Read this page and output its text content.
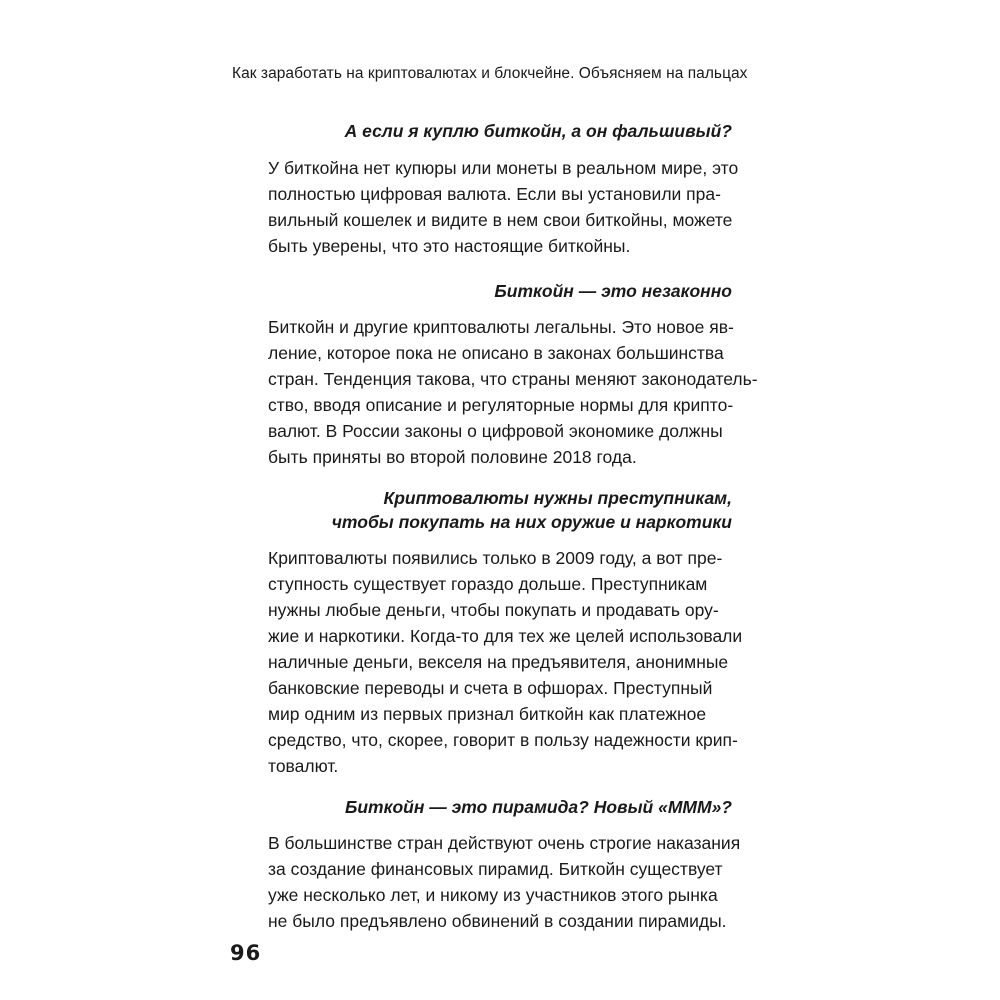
Как заработать на криптовалютах и блокчейне. Объясняем на пальцах

А если я куплю биткойн, а он фальшивый?

У биткойна нет купюры или монеты в реальном мире, это
полностью цифровая валюта. Если вы установили пра-
вильный кошелек и видите в нем свои биткойны, можете
быть уверены, что это настоящие биткойны.

Биткойн — это незаконно

Биткойн и другие криптовалюты легальны. Это новое яв-
ление, которое пока не описано в законах большинства
стран. Тенденция такова, что страны меняют законодатель-
ство, вводя описание и регуляторные нормы для крипто-
валют. В России законы о цифровой экономике должны
быть приняты во второй половине 2018 года.

Криптовалюты нужны преступникам,
чтобы покупать на них оружие и наркотики

Криптовалюты появились только в 2009 году, а вот пре-
ступность существует гораздо дольше. Преступникам
нужны любые деньги, чтобы покупать и продавать ору-
жие и наркотики. Когда-то для тех же целей использовали
наличные деньги, векселя на предъявителя, анонимные
банковские переводы и счета в офшорах. Преступный
мир одним из первых признал биткойн как платежное
средство, что, скорее, говорит в пользу надежности крип-
товалют.

Биткойн — это пирамида? Новый «МММ»?

В большинстве стран действуют очень строгие наказания
за создание финансовых пирамид. Биткойн существует
уже несколько лет, и никому из участников этого рынка
не было предъявлено обвинений в создании пирамиды.

96
